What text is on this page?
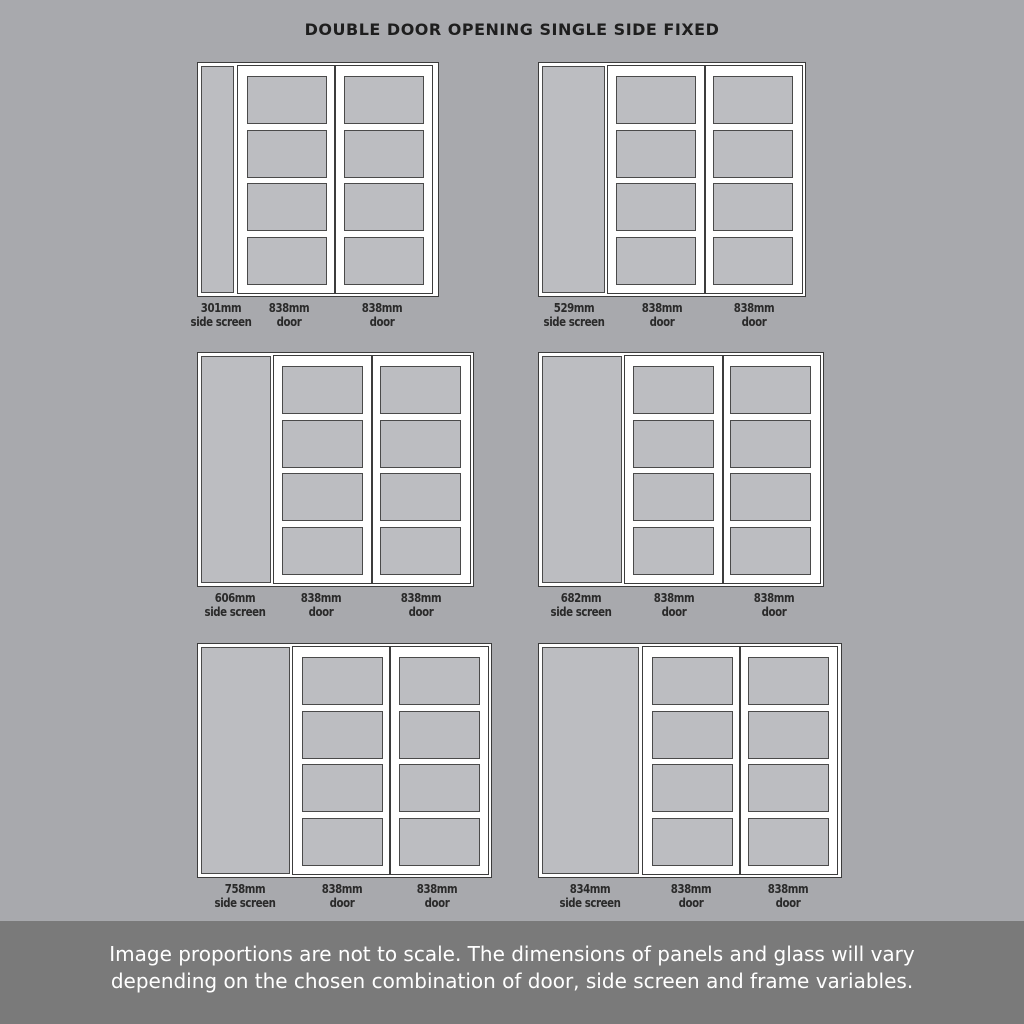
DOUBLE DOOR OPENING SINGLE SIDE FIXED
301mm
side screen
838mm
door
838mm
door
529mm
side screen
838mm
door
838mm
door
606mm
side screen
838mm
door
838mm
door
682mm
side screen
838mm
door
838mm
door
758mm
side screen
838mm
door
838mm
door
834mm
side screen
838mm
door
838mm
door
Image proportions are not to scale. The dimensions of panels and glass will vary
depending on the chosen combination of door, side screen and frame variables.
